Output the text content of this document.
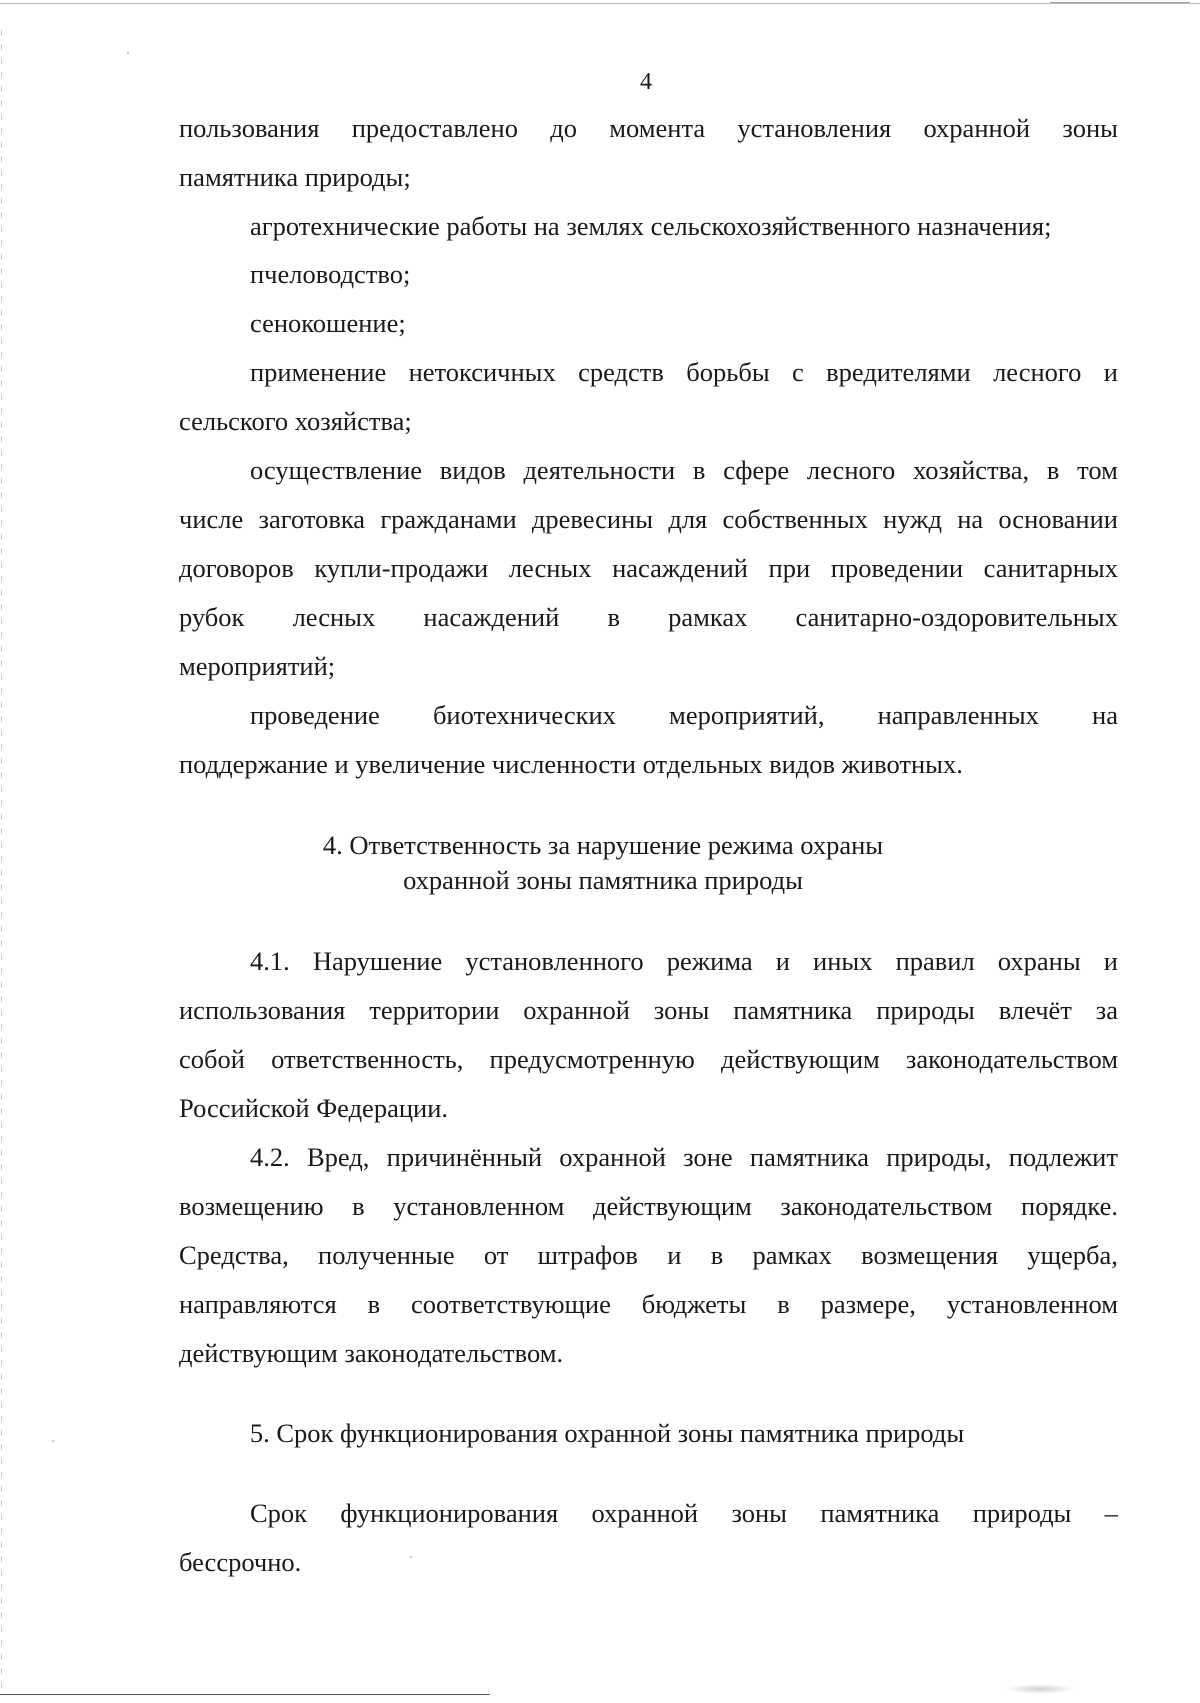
4

пользования предоставлено до момента установления охранной зоны

памятника природы;

агротехнические работы на землях сельскохозяйственного назначения;

пчеловодство;

сенокошение;

применение нетоксичных средств борьбы с вредителями лесного и

сельского хозяйства;

осуществление видов деятельности в сфере лесного хозяйства, в том

числе заготовка гражданами древесины для собственных нужд на основании

договоров купли-продажи лесных насаждений при проведении санитарных

рубок лесных насаждений в рамках санитарно-оздоровительных

мероприятий;

проведение биотехнических мероприятий, направленных на

поддержание и увеличение численности отдельных видов животных.

4. Ответственность за нарушение режима охраны

охранной зоны памятника природы

4.1. Нарушение установленного режима и иных правил охраны и

использования территории охранной зоны памятника природы влечёт за

собой ответственность, предусмотренную действующим законодательством

Российской Федерации.

4.2. Вред, причинённый охранной зоне памятника природы, подлежит

возмещению в установленном действующим законодательством порядке.

Средства, полученные от штрафов и в рамках возмещения ущерба,

направляются в соответствующие бюджеты в размере, установленном

действующим законодательством.

5. Срок функционирования охранной зоны памятника природы

Срок функционирования охранной зоны памятника природы –

бессрочно.
